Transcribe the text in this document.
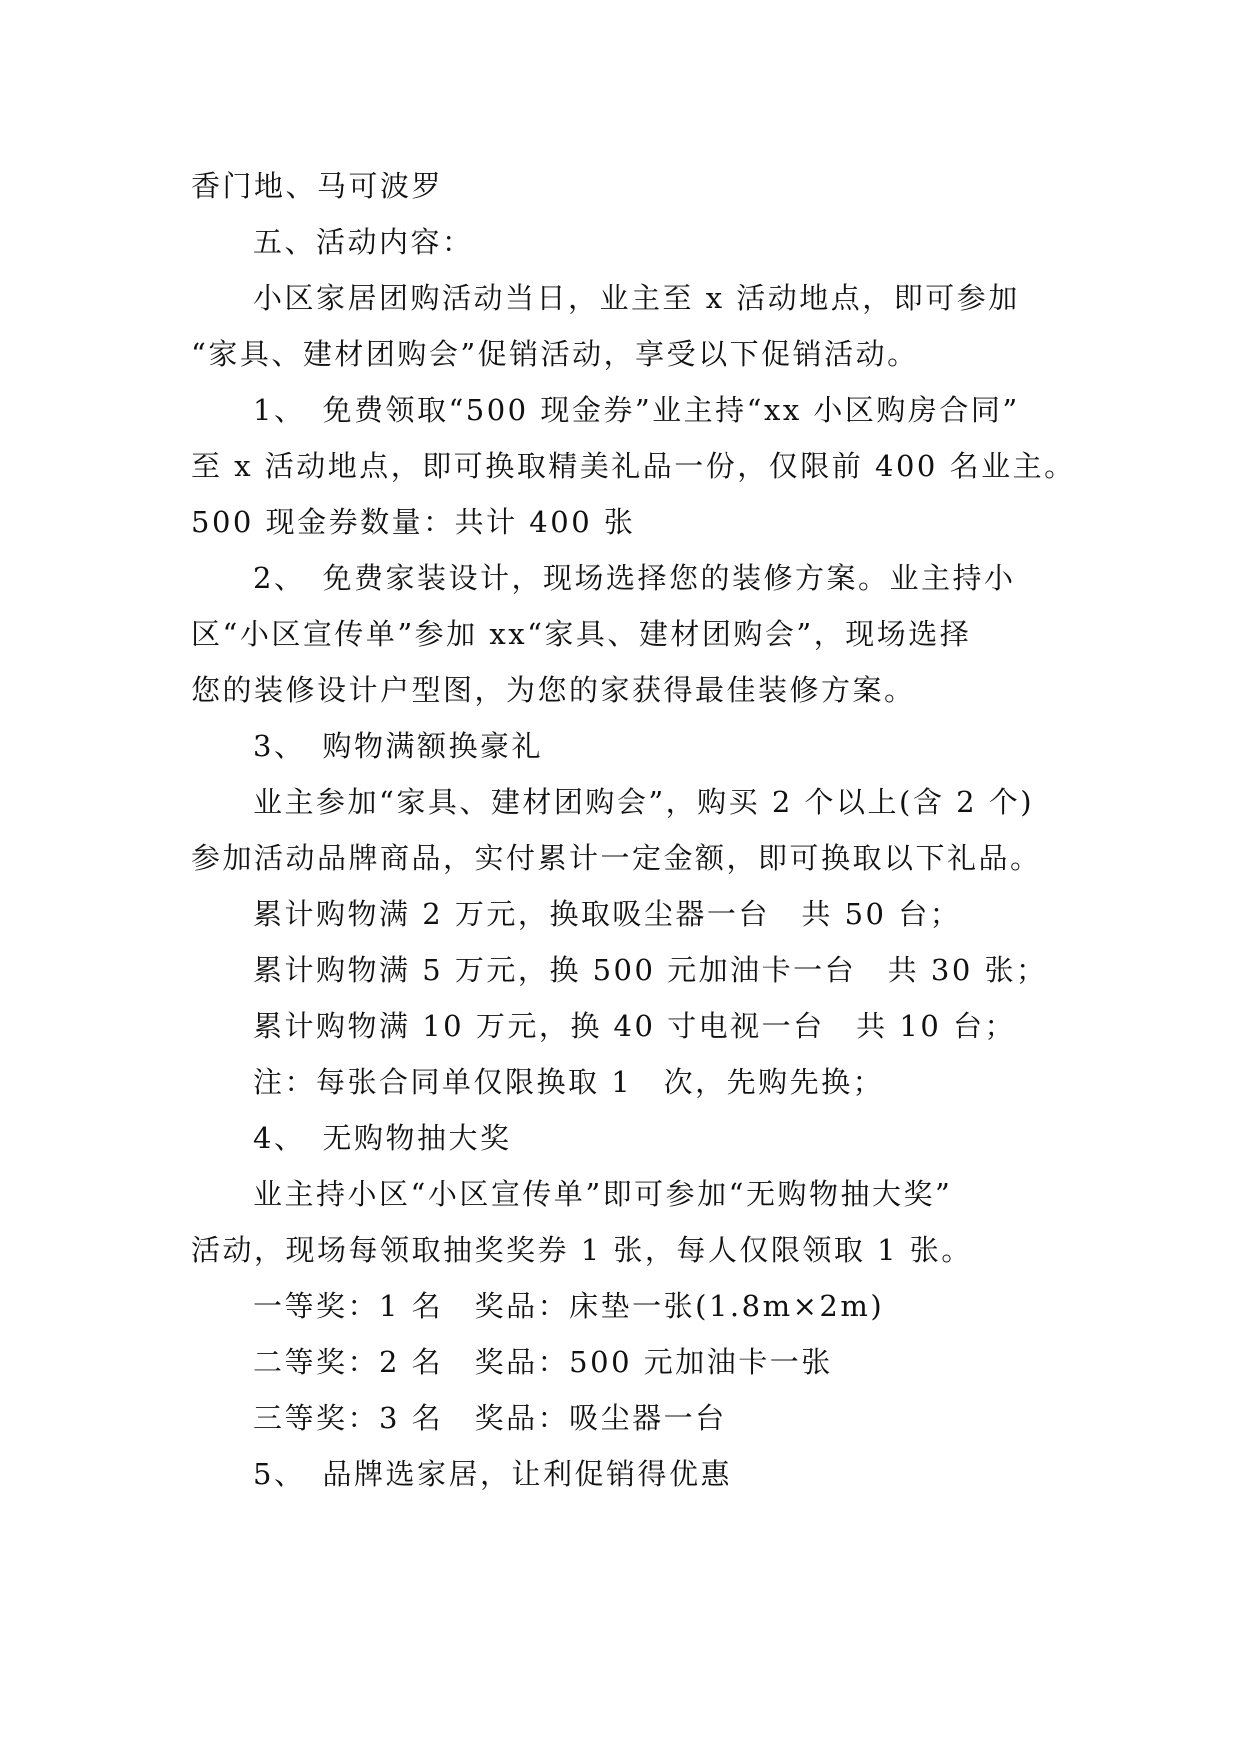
香门地、马可波罗
五、活动内容：
小区家居团购活动当日，业主至 x 活动地点，即可参加
“家具、建材团购会”促销活动，享受以下促销活动。
1、　免费领取“500 现金券”业主持“xx 小区购房合同”
至 x 活动地点，即可换取精美礼品一份，仅限前 400 名业主。
500 现金券数量：共计 400 张
2、　免费家装设计，现场选择您的装修方案。业主持小
区“小区宣传单”参加 xx“家具、建材团购会”，现场选择
您的装修设计户型图，为您的家获得最佳装修方案。
3、　购物满额换豪礼
业主参加“家具、建材团购会”，购买 2 个以上(含 2 个)
参加活动品牌商品，实付累计一定金额，即可换取以下礼品。
累计购物满 2 万元，换取吸尘器一台　共 50 台；
累计购物满 5 万元，换 500 元加油卡一台　共 30 张；
累计购物满 10 万元，换 40 寸电视一台　共 10 台；
注：每张合同单仅限换取 1　次，先购先换；
4、　无购物抽大奖
业主持小区“小区宣传单”即可参加“无购物抽大奖”
活动，现场每领取抽奖奖券 1 张，每人仅限领取 1 张。
一等奖：1 名　奖品：床垫一张(1.8m×2m)
二等奖：2 名　奖品：500 元加油卡一张
三等奖：3 名　奖品：吸尘器一台
5、　品牌选家居，让利促销得优惠
